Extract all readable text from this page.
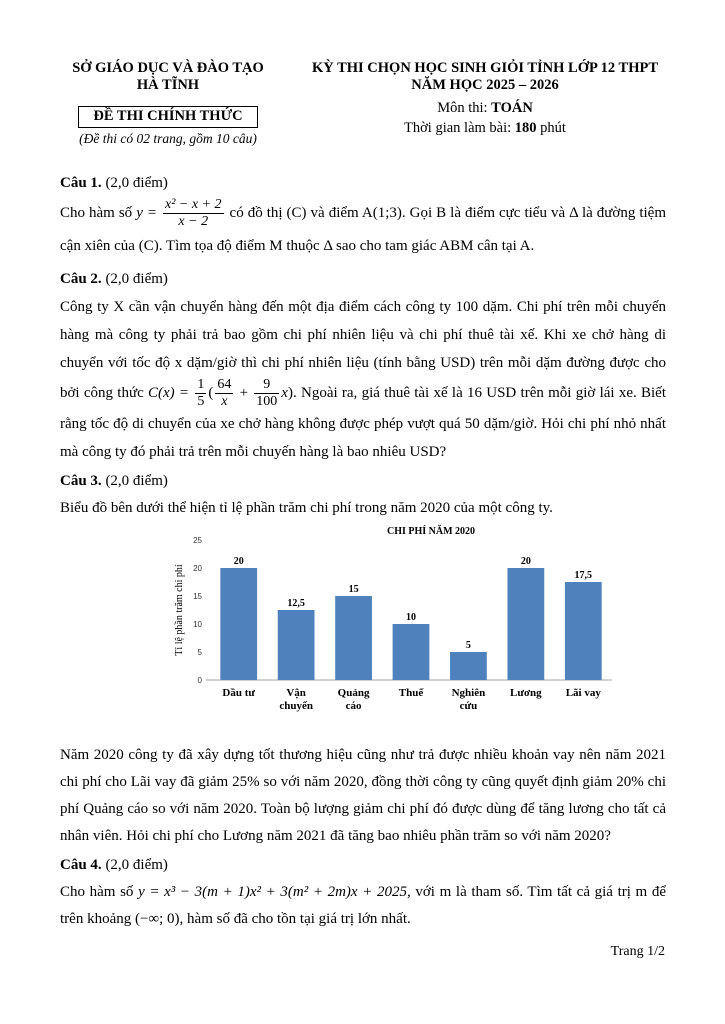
SỞ GIÁO DỤC VÀ ĐÀO TẠO
HÀ TĨNH
ĐỀ THI CHÍNH THỨC
(Đề thi có 02 trang, gồm 10 câu)
KỲ THI CHỌN HỌC SINH GIỎI TỈNH LỚP 12 THPT
NĂM HỌC 2025 – 2026
Môn thi: TOÁN
Thời gian làm bài: 180 phút

Câu 1. (2,0 điểm)

Cho hàm số $y = \frac{\text{x² − x + 2}}{x - 2}$ có đồ thị (C) và điểm A(1;3). Gọi B là điểm cực tiểu và Δ là đường tiệm cận xiên của (C). Tìm tọa độ điểm M thuộc Δ sao cho tam giác ABM cân tại A.

Câu 2. (2,0 điểm)

Công ty X cần vận chuyển hàng đến một địa điểm cách công ty 100 dặm. Chi phí trên mỗi chuyến hàng mà công ty phải trả bao gồm chi phí nhiên liệu và chi phí thuê tài xế. Khi xe chở hàng di chuyển với tốc độ x dặm/giờ thì chi phí nhiên liệu (tính bằng USD) trên mỗi dặm đường được cho bởi công thức $C(x) = \frac{1}{5}$ ( $\frac{64}{x} + \frac{9}{100} x$). Ngoài ra, giá thuê tài xế là 16 USD trên mỗi giờ lái xe. Biết rằng tốc độ di chuyển của xe chở hàng không được phép vượt quá 50 dặm/giờ. Hỏi chi phí nhỏ nhất mà công ty đó phải trả trên mỗi chuyến hàng là bao nhiêu USD?

Câu 3. (2,0 điểm)

Biểu đồ bên dưới thể hiện tỉ lệ phần trăm chi phí trong năm 2020 của một công ty.

CHI PHÍ NĂM 2020
Tỉ lệ phần trăm chi phí
0
5
10
15
20
25
20
Dầu tư
12,5
Vận
chuyển
15
Quảng
cáo
10
Thuế
5
Nghiên
cứu
20
Lương
17,5
Lãi vay

Năm 2020 công ty đã xây dựng tốt thương hiệu cũng như trả được nhiều khoản vay nên năm 2021 chi phí cho Lãi vay đã giảm 25% so với năm 2020, đồng thời công ty cũng quyết định giảm 20% chi phí Quảng cáo so với năm 2020. Toàn bộ lượng giảm chi phí đó được dùng để tăng lương cho tất cả nhân viên. Hỏi chi phí cho Lương năm 2021 đã tăng bao nhiêu phần trăm so với năm 2020?

Câu 4. (2,0 điểm)

Cho hàm số y = x³ − 3(m + 1)x² + 3(m² + 2m)x + 2025, với m là tham số. Tìm tất cả giá trị m để trên khoảng (−∞; 0), hàm số đã cho tồn tại giá trị lớn nhất.

Trang 1/2
